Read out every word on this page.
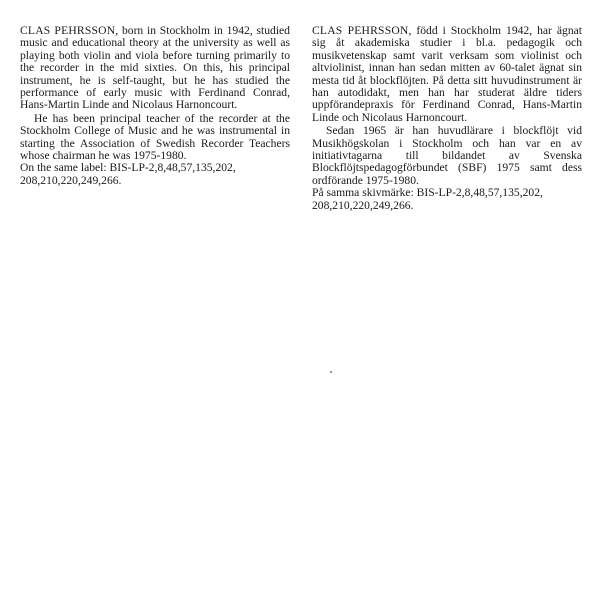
CLAS PEHRSSON, born in Stockholm in 1942, studied music and educational theory at the university as well as playing both violin and viola before turning primarily to the recorder in the mid sixties. On this, his principal instrument, he is self-taught, but he has studied the performance of early music with Ferdinand Conrad, Hans-Martin Linde and Nicolaus Harnoncourt.

He has been principal teacher of the recorder at the Stockholm College of Music and he was instrumental in starting the Association of Swedish Recorder Teachers whose chairman he was 1975-1980.

On the same label: BIS-LP-2,8,48,57,135,202,

208,210,220,249,266.

CLAS PEHRSSON, född i Stockholm 1942, har ägnat sig åt akademiska studier i bl.a. pedagogik och musikvetenskap samt varit verksam som violinist och altviolinist, innan han sedan mitten av 60-talet ägnat sin mesta tid åt blockflöjten. På detta sitt huvudinstrument är han autodidakt, men han har studerat äldre tiders uppförandepraxis för Ferdinand Conrad, Hans-Martin Linde och Nicolaus Harnoncourt.

Sedan 1965 är han huvudlärare i blockflöjt vid Musikhögskolan i Stockholm och han var en av initiativtagarna till bildandet av Svenska Blockflöjtspedagogförbundet (SBF) 1975 samt dess ordförande 1975-1980.

På samma skivmärke: BIS-LP-2,8,48,57,135,202,

208,210,220,249,266.
